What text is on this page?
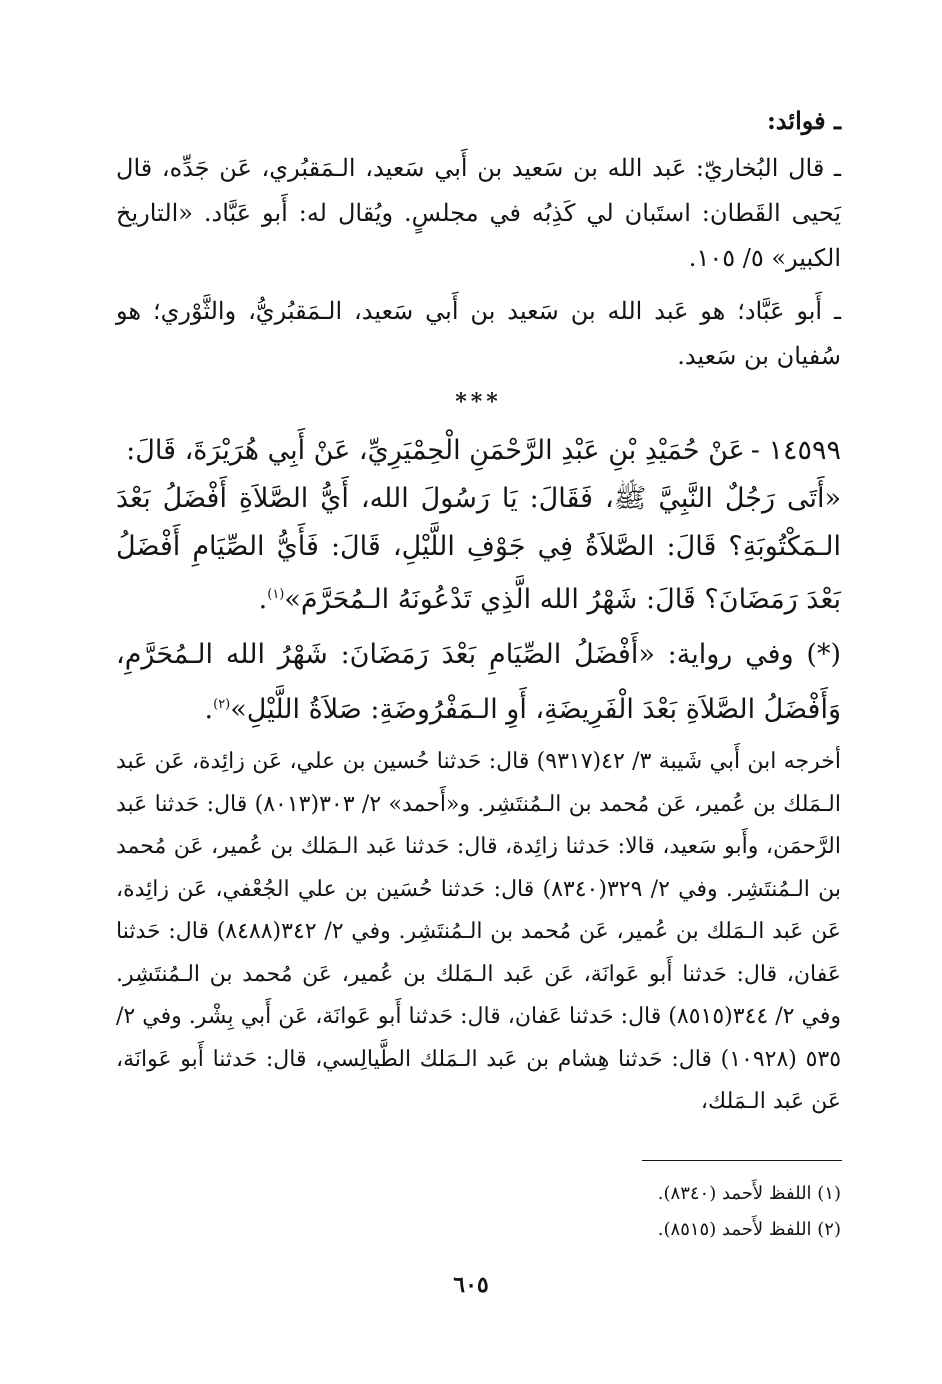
ـ فوائد:

ـ قال البُخاريّ: عَبد الله بن سَعيد بن أَبي سَعيد، الـمَقبُري، عَن جَدِّه، قال يَحيى القَطان: استَبان لي كَذِبُه في مجلسٍ. ويُقال له: أَبو عَبَّاد. «التاريخ الكبير» ٥/ ١٠٥.

ـ أَبو عَبَّاد؛ هو عَبد الله بن سَعيد بن أَبي سَعيد، الـمَقبُريُّ، والثَّوْري؛ هو سُفيان بن سَعيد.

***

١٤٥٩٩ -عَنْ حُمَيْدِ بْنِ عَبْدِ الرَّحْمَنِ الْحِمْيَرِيِّ، عَنْ أَبِي هُرَيْرَةَ، قَالَ:

«أَتَى رَجُلٌ النَّبِيَّ ﷺ، فَقَالَ: يَا رَسُولَ الله، أَيُّ الصَّلاَةِ أَفْضَلُ بَعْدَ الـمَكْتُوبَةِ؟ قَالَ: الصَّلاَةُ فِي جَوْفِ اللَّيْلِ، قَالَ: فَأَيُّ الصِّيَامِ أَفْضَلُ بَعْدَ رَمَضَانَ؟ قَالَ: شَهْرُ الله الَّذِي تَدْعُونَهُ الـمُحَرَّمَ»$^{(١)}$.

(*) وفي رواية: «أَفْضَلُ الصِّيَامِ بَعْدَ رَمَضَانَ: شَهْرُ الله الـمُحَرَّمِ، وَأَفْضَلُ الصَّلاَةِ بَعْدَ الْفَرِيضَةِ، أَوِ الـمَفْرُوضَةِ: صَلاَةُ اللَّيْلِ»$^{(٢)}$.

أخرجه ابن أَبي شَيبة ٣/ ٤٢(٩٣١٧) قال: حَدثنا حُسين بن علي، عَن زائِدة، عَن عَبد الـمَلك بن عُمير، عَن مُحمد بن الـمُنتَشِر. و«أَحمد» ٢/ ٣٠٣(٨٠١٣) قال: حَدثنا عَبد الرَّحمَن، وأَبو سَعيد، قالا: حَدثنا زائِدة، قال: حَدثنا عَبد الـمَلك بن عُمير، عَن مُحمد بن الـمُنتَشِر. وفي ٢/ ٣٢٩(٨٣٤٠) قال: حَدثنا حُسَين بن علي الجُعْفي، عَن زائِدة، عَن عَبد الـمَلك بن عُمير، عَن مُحمد بن الـمُنتَشِر. وفي ٢/ ٣٤٢(٨٤٨٨) قال: حَدثنا عَفان، قال: حَدثنا أَبو عَوانَة، عَن عَبد الـمَلك بن عُمير، عَن مُحمد بن الـمُنتَشِر. وفي ٢/ ٣٤٤(٨٥١٥) قال: حَدثنا عَفان، قال: حَدثنا أَبو عَوانَة، عَن أَبي بِشْر. وفي ٢/ ٥٣٥ (١٠٩٢٨) قال: حَدثنا هِشام بن عَبد الـمَلك الطَّيالِسي، قال: حَدثنا أَبو عَوانَة، عَن عَبد الـمَلك،

(١) اللفظ لأَحمد (٨٣٤٠).

(٢) اللفظ لأَحمد (٨٥١٥).

٦٠٥
